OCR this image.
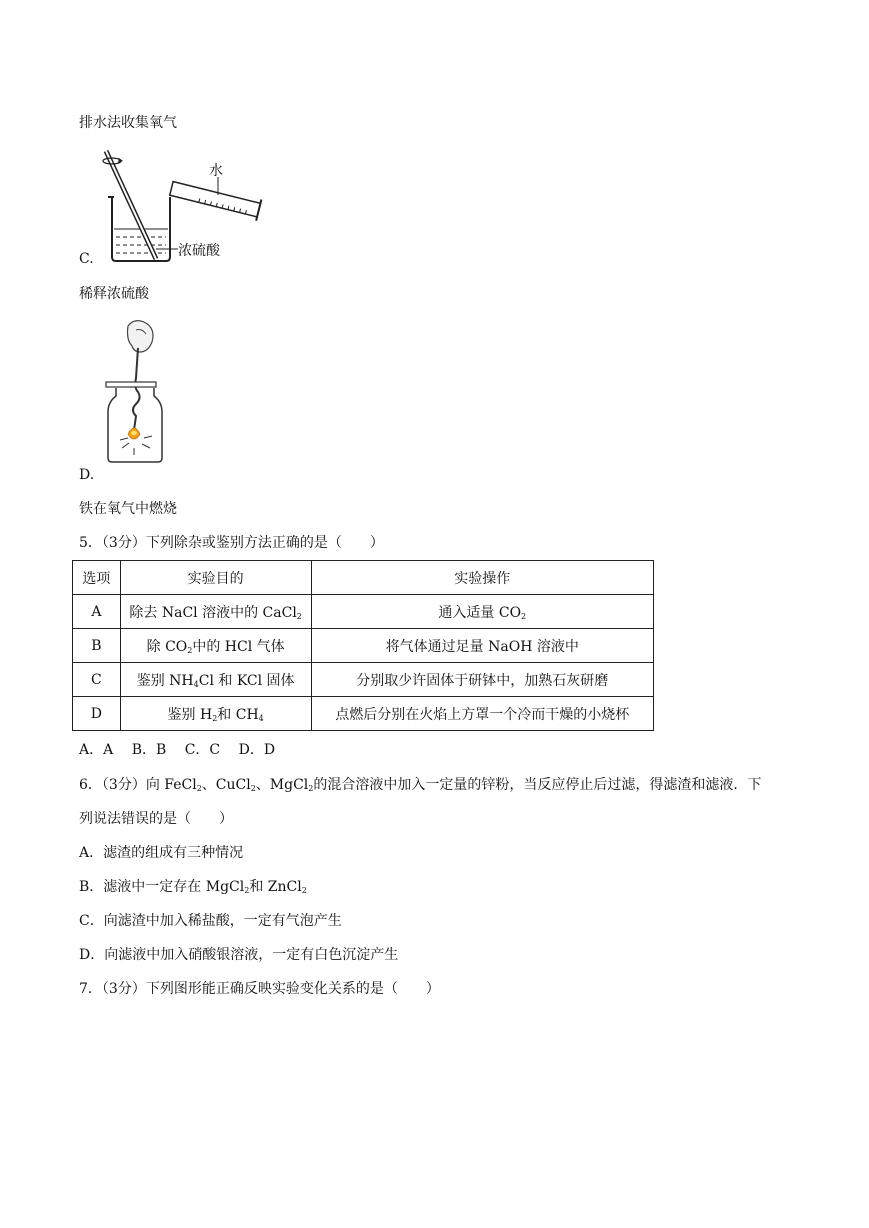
排水法收集氧气
水
浓硫酸
C.
稀释浓硫酸
D.
铁在氧气中燃烧
5．（3分）下列除杂或鉴别方法正确的是（　　）
选项	实验目的	实验操作
A	除去 NaCl 溶液中的 CaCl$_2$	通入适量 $CO_2$
B	除 $CO_2$中的 HCl 气体	将气体通过足量 NaOH 溶液中
C	鉴别 $NH_4Cl$ 和 KCl 固体	分别取少许固体于研钵中，加熟石灰研磨
D	鉴别 $H_2$和 $CH_4$	点燃后分别在火焰上方罩一个冷而干燥的小烧杯
A．A B．B C．C D．D
6．（3分）向 FeCl$_2$、CuCl$_2$、MgCl$_2$的混合溶液中加入一定量的锌粉，当反应停止后过滤，得滤渣和滤液．下
列说法错误的是（　　）
A．滤渣的组成有三种情况
B．滤液中一定存在 MgCl$_2$和 ZnCl$_2$
C．向滤渣中加入稀盐酸，一定有气泡产生
D．向滤液中加入硝酸银溶液，一定有白色沉淀产生
7．（3分）下列图形能正确反映实验变化关系的是（　　）
